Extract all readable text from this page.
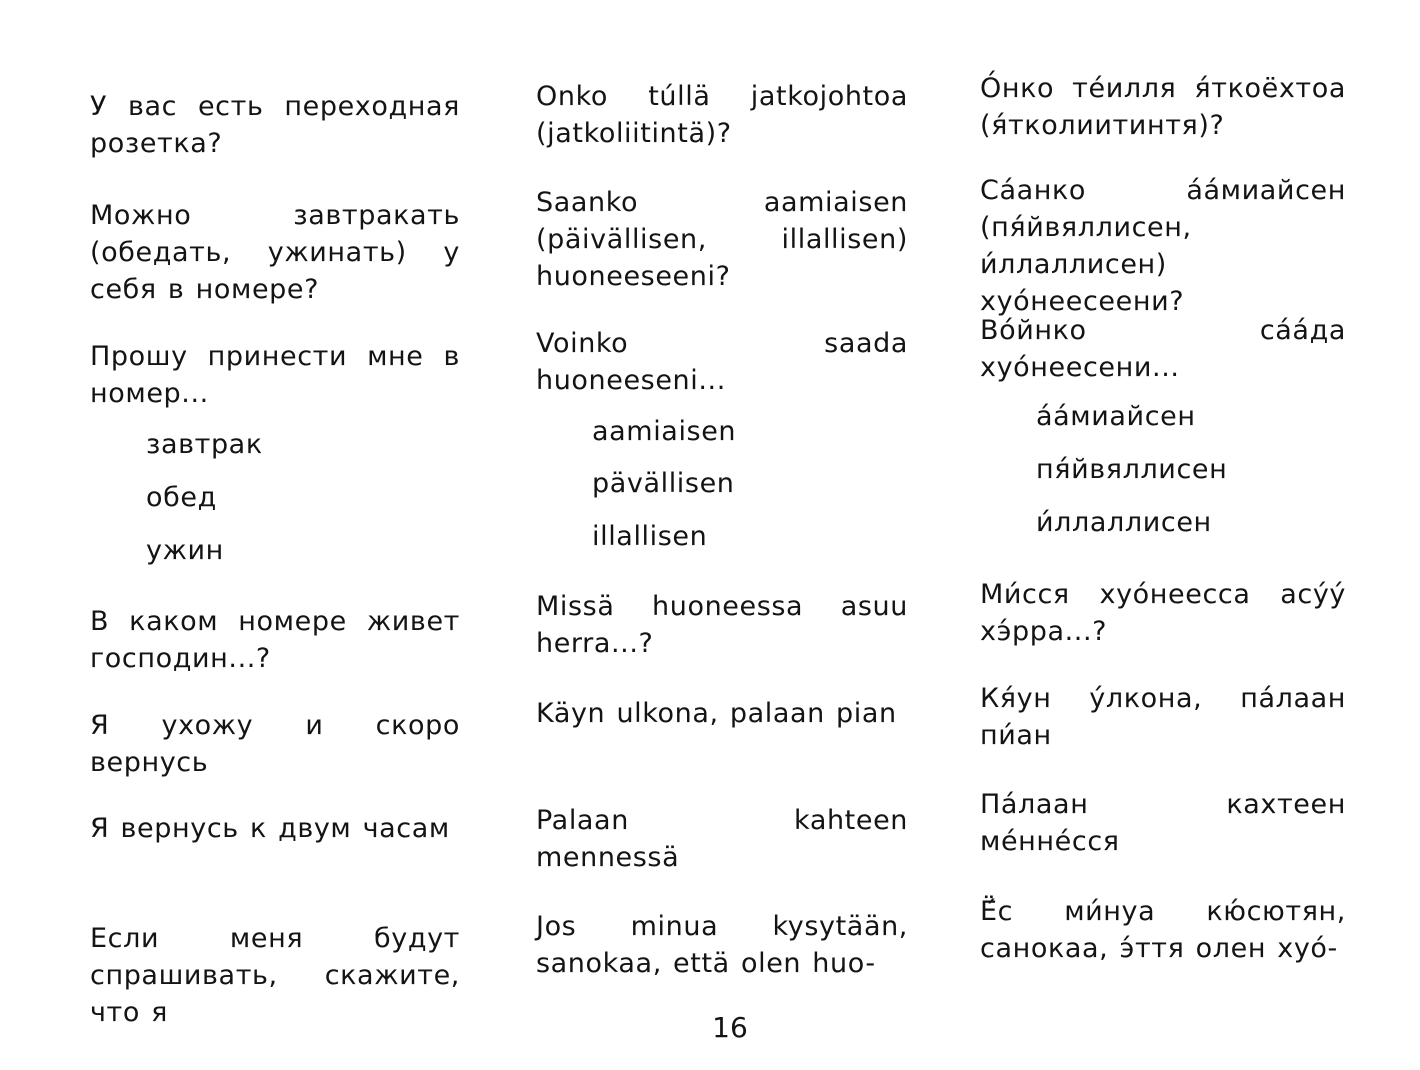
У вас есть переходная розетка?

Можно завтракать (обедать, ужинать) у себя в номере?

Прошу принести мне в номер...

завтрак

обед

ужин

В каком номере живет господин...?

Я ухожу и скоро вернусь

Я вернусь к двум часам

Если меня будут спрашивать, скажите, что я

Onko túllä jatkojohtoa (jatkoliitintä)?

Saanko aamiaisen (päivällisen, illallisen) huoneeseeni?

Voinko saada huoneeseni...

aamiaisen

pävällisen

illallisen

Missä huoneessa asuu herra...?

Käyn ulkona, palaan pian

Palaan kahteen mennessä

Jos minua kysytään, sanokaa, että olen huo-

О́нко те́илля я́ткоёхтоа (я́тколиитинтя)?

Са́анко а́а́миайсен (пя́йвяллисен, и́ллаллисен) хуо́неесеени?

Во́йнко са́а́да хуо́неесени...

а́а́миайсен

пя́йвяллисен

и́ллаллисен

Ми́сся хуо́неесса асу́у́ хэ́рра...?

Кя́ун у́лкона, па́лаан пи́ан

Па́лаан кахтеен ме́нне́сся

Ё́с ми́нуа кю́сютян, санокаа, э́ття олен хуо́-

16
